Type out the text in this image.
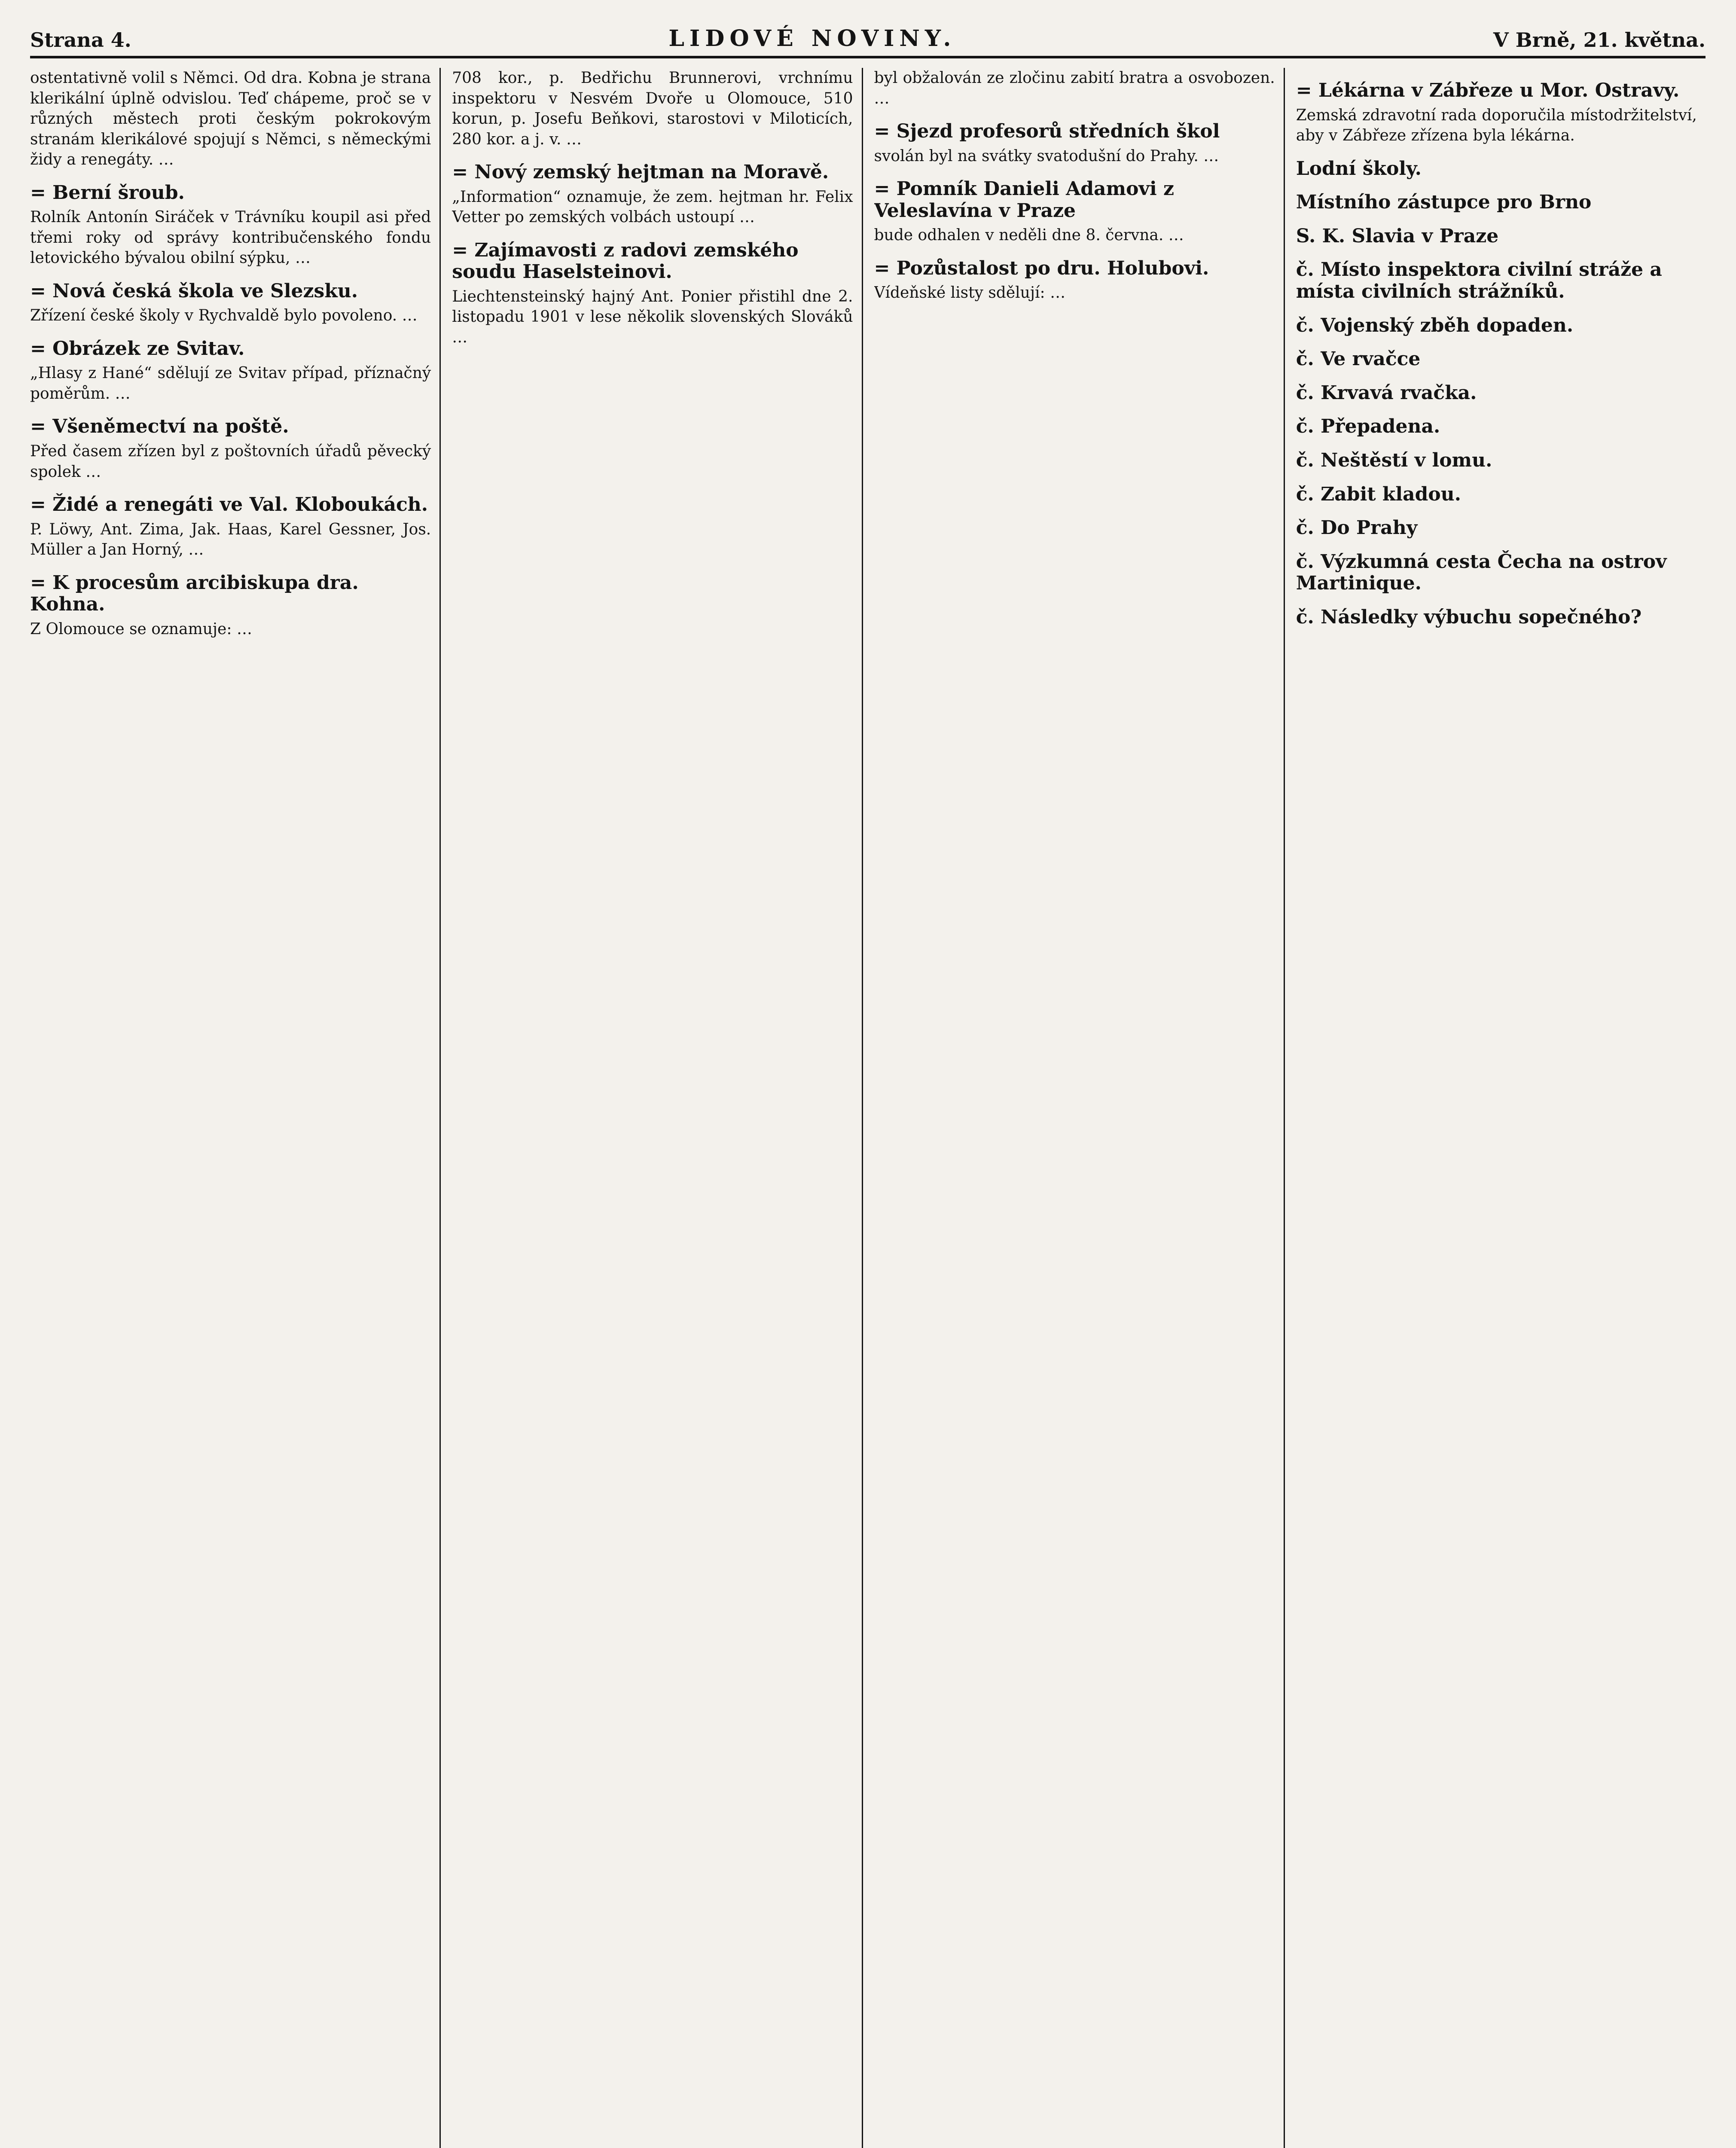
Strana 4.	LIDOVÉ NOVINY.	V Brně, 21. května.

ostentativně volil s Němci. Od dra. Kobna je strana klerikální úplně odvislou. Teď chápeme, proč se v různých městech proti českým pokrokovým stranám klerikálové spojují s Němci, s německými židy a renegáty. …

= Berní šroub.

Rolník Antonín Siráček v Trávníku koupil asi před třemi roky od správy kontribučenského fondu letovického bývalou obilní sýpku, …

= Nová česká škola ve Slezsku.

Zřízení české školy v Rychvaldě bylo povoleno. …

= Obrázek ze Svitav.

„Hlasy z Hané“ sdělují ze Svitav případ, příznačný poměrům. …

= Všeněmectví na poště.

Před časem zřízen byl z poštovních úřadů pěvecký spolek …

= Židé a renegáti ve Val. Kloboukách.

P. Löwy, Ant. Zima, Jak. Haas, Karel Gessner, Jos. Müller a Jan Horný, …

= K procesům arcibiskupa dra. Kohna.

Z Olomouce se oznamuje: …

708 kor., p. Bedřichu Brunnerovi, vrchnímu inspektoru v Nesvém Dvoře u Olomouce, 510 korun, p. Josefu Beňkovi, starostovi v Miloticích, 280 kor. a j. v. …

= Nový zemský hejtman na Moravě.

„Information“ oznamuje, že zem. hejtman hr. Felix Vetter po zemských volbách ustoupí …

= Zajímavosti z radovi zemského soudu Haselsteinovi.

Liechtensteinský hajný Ant. Ponier přistihl dne 2. listopadu 1901 v lese několik slovenských Slováků …

byl obžalován ze zločinu zabití bratra a osvobozen. …

= Sjezd profesorů středních škol

svolán byl na svátky svatodušní do Prahy. …

= Pomník Danieli Adamovi z Veleslavína v Praze

bude odhalen v neděli dne 8. června. …

= Pozůstalost po dru. Holubovi.

Vídeňské listy sdělují: …

= Lékárna v Zábřeze u Mor. Ostravy.

Zemská zdravotní rada doporučila místodržitelství, aby v Zábřeze zřízena byla lékárna.

Lodní školy.
Místního zástupce pro Brno
S. K. Slavia v Praze
č. Místo inspektora civilní stráže a místa civilních strážníků.
č. Vojenský zběh dopaden.
č. Ve rvačce
č. Krvavá rvačka.
č. Přepadena.
č. Neštěstí v lomu.
č. Zabit kladou.
č. Do Prahy
č. Výzkumná cesta Čecha na ostrov Martinique.
č. Následky výbuchu sopečného?
